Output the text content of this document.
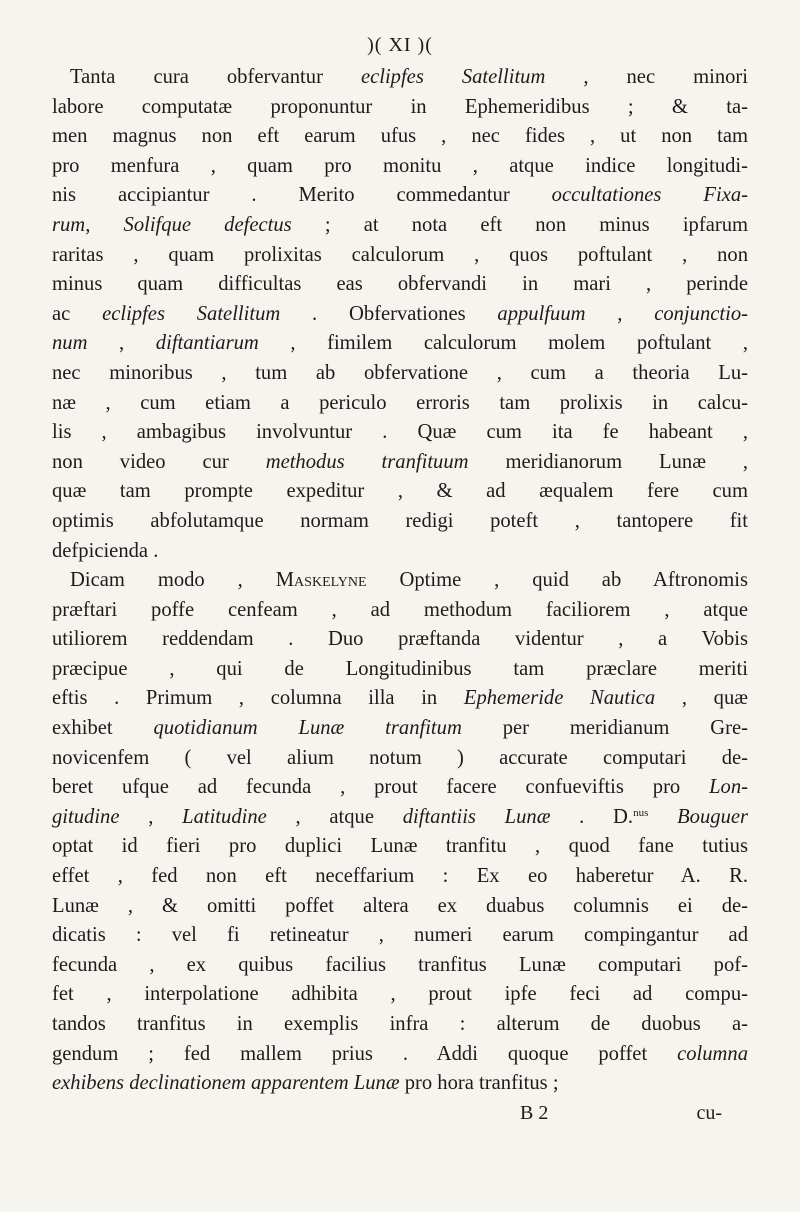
)( XI )(
Tanta cura obfervantur eclipfes Satellitum , nec minori
labore computatæ proponuntur in Ephemeridibus ; & ta-
men magnus non eft earum ufus , nec fides , ut non tam
pro menfura , quam pro monitu , atque indice longitudi-
nis accipiantur . Merito commedantur occultationes Fixa-
rum, Solifque defectus ; at nota eft non minus ipfarum
raritas , quam prolixitas calculorum , quos poftulant , non
minus quam difficultas eas obfervandi in mari , perinde
ac eclipfes Satellitum . Obfervationes appulfuum , conjunctio-
num , diftantiarum , fimilem calculorum molem poftulant ,
nec minoribus , tum ab obfervatione , cum a theoria Lu-
næ , cum etiam a periculo erroris tam prolixis in calcu-
lis , ambagibus involvuntur . Quæ cum ita fe habeant ,
non video cur methodus tranfituum meridianorum Lunæ ,
quæ tam prompte expeditur , & ad æqualem fere cum
optimis abfolutamque normam redigi poteft , tantopere fit
defpicienda .
Dicam modo , Maskelyne Optime , quid ab Aftronomis
præftari poffe cenfeam , ad methodum faciliorem , atque
utiliorem reddendam . Duo præftanda videntur , a Vobis
præcipue , qui de Longitudinibus tam præclare meriti
eftis . Primum , columna illa in Ephemeride Nautica , quæ
exhibet quotidianum Lunæ tranfitum per meridianum Gre-
novicenfem ( vel alium notum ) accurate computari de-
beret ufque ad fecunda , prout facere confueviftis pro Lon-
gitudine , Latitudine , atque diftantiis Lunæ . D.$^{nus}$ Bouguer
optat id fieri pro duplici Lunæ tranfitu , quod fane tutius
effet , fed non eft neceffarium : Ex eo haberetur A. R.
Lunæ , & omitti poffet altera ex duabus columnis ei de-
dicatis : vel fi retineatur , numeri earum compingantur ad
fecunda , ex quibus facilius tranfitus Lunæ computari pof-
fet , interpolatione adhibita , prout ipfe feci ad compu-
tandos tranfitus in exemplis infra : alterum de duobus a-
gendum ; fed mallem prius . Addi quoque poffet columna
exhibens declinationem apparentem Lunæ pro hora tranfitus ;
B 2	cu-
